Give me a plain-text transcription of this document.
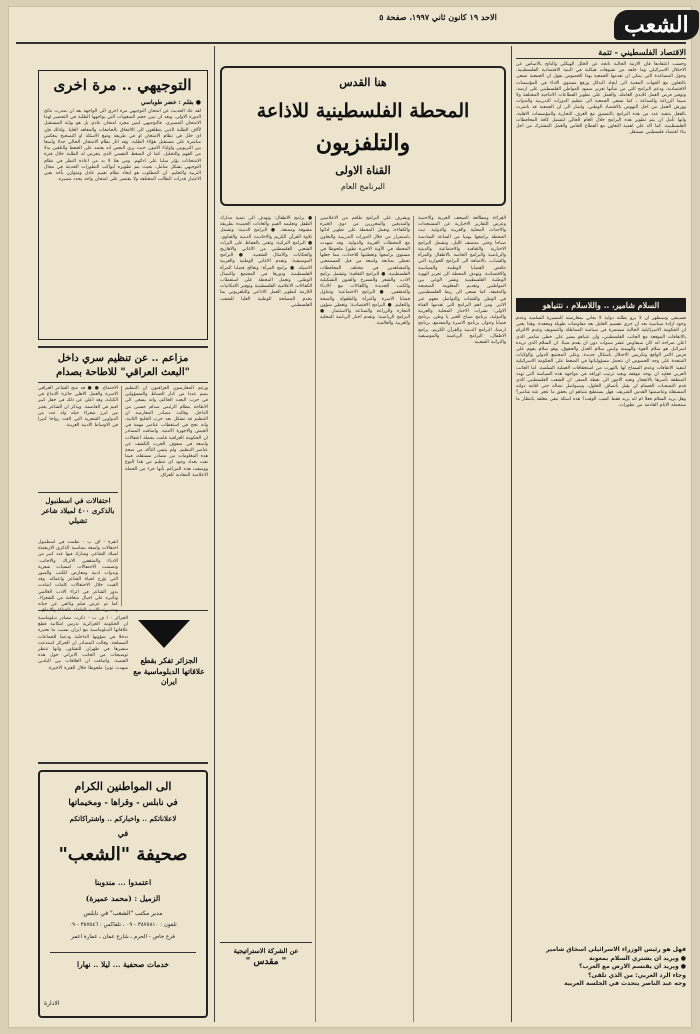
الاحد ١٩ كانون ثاني ١٩٩٧، صفحة ٥	الشعب
الاقتصاد الفلسطيني - تتمة
وحسب اعتقادها فان الازمة الحالية ناتجة عن الخلل الهيكلي والناتج بالاساس عن الاحتلال الاسرائيلي وما خلفه من تشوهات هيكلية في البنية الاقتصادية الفلسطينية. وحول المساعدة التي يمكن ان تقدمها الجمعية بهذا الخصوص يقول ان الجمعية تسعى بالتعاون مع الجهات المعنية الى ايجاد البدائل ورفع مستوى الاداء في المؤسسات الاقتصادية، ودعم البرامج التي من شأنها تعزيز صمود المواطن الفلسطيني على ارضه، وتوفير فرص العمل للايدي العاملة، والعمل على تطوير القطاعات الانتاجية المختلفة ولا سيما الزراعة والصناعة ، كما تسعى الجمعية الى تنظيم الدورات التدريبية والندوات وورش العمل من اجل النهوض بالاقتصاد الوطني. واشار الى ان الجمعية قد باشرت بالفعل بتنفيذ عدد من هذه البرامج بالتنسيق مع الغرف التجارية والمؤسسات الاهلية، وانها تأمل ان يتم تطوير هذه البرامج خلال العام الحالي لتشمل كافة المحافظات الفلسطينية. كما اكد على اهمية التعاون مع القطاع الخاص والعمل المشترك من اجل بناء اقتصاد فلسطيني مستقل.
السلام شامير، .. واللاسلام ، نتنياهو
فسيبقى وسيظهر ان لا يرو بظلته دولية لا يعاني بمعارضته للمسيرة السلمية وعدم وجود ارادة سياسية بعد ان جرى تقسيم الخليل بعد مفاوضات طويلة ومعقدة. وهذا يعني ان الحكومة الاسرائيلية الحالية مستمرة في سياسة المماطلة والتسويف وعدم الالتزام بالاتفاقات الموقعة مع الجانب الفلسطيني، وان نتنياهو يسير على خطى شامير الذي اعلن صراحة انه كان سيفاوض عشر سنوات دون ان يقدم شيئا. ان السلام الذي تريده اسرائيل هو سلام القوة والهيمنة وليس سلام العدل والحقوق، وهو سلام يقوم على فرض الامر الواقع وتكريس الاحتلال بأشكال جديدة. وعلى المجتمع الدولي والولايات المتحدة على وجه الخصوص ان تتحمل مسؤولياتها في الضغط على الحكومة الاسرائيلية لتنفيذ الاتفاقات وعدم السماح لها بالتهرب من استحقاقات العملية السلمية. اما الجانب العربي فعليه ان يوحد موقفه ويعيد ترتيب اوراقه في مواجهة هذه السياسة التي تهدد المنطقة بأسرها بالانفجار وتعيد الامور الى نقطة الصفر. ان الشعب الفلسطيني الذي قدم التضحيات الجسام لن يقبل بأنصاف الحلول، وسيواصل نضاله حتى اقامة دولته المستقلة وعاصمتها القدس الشريف. فهل يستطيع نتنياهو ان يحقق ما عجز عنه شامير؟ وهل يريد السلام فعلا ام انه يريد فقط كسب الوقت؟ هذه اسئلة تبقى معلقة بانتظار ما ستحمله الايام القادمة من تطورات.
فهل هو رئيس الوزراء الاسرائيلي اسحاق شامير
● ويريد ان يشتري السلام بمعونة
● ويريد ان يقتسم الارض مع العرب؟
وجاء الرد العربي: من الذي تلقى؟
وجه عبد الناصر يتحدث في الجلسة العربية
هنا القدس
المحطة الفلسطينية للاذاعة
والتلفزيون
القناة الاولى
البرنامج العام
القراءة ومطالعة الصحف العربية والاجنبية وعرض التقارير الاخبارية عن المستجدات والاحداث المحلية والعربية والدولية. تبث المحطة برامجها يوميا من الساعة السادسة صباحا وحتى منتصف الليل، وتشمل البرامج الاخبارية والثقافية والاجتماعية والدينية والرياضية والبرامج الخاصة بالاطفال والمرأة والشباب، بالاضافة الى البرامج الحوارية التي تناقش القضايا الوطنية والسياسية والاقتصادية. وتهدف المحطة الى تعزيز الهوية الوطنية الفلسطينية ونشر الوعي بين المواطنين وتقديم المعلومة الصحيحة والدقيقة، كما تسعى الى ربط الفلسطينيين في الوطن والشتات والتواصل معهم عبر الاثير. ومن اهم البرامج التي تقدمها القناة الاولى: نشرات الاخبار المحلية والعربية والدولية، برنامج صباح الخير يا وطن، برنامج قضايا وحوار، برنامج الاسرة والمجتمع، برنامج ارضنا، البرامج الدينية والقرآن الكريم، برامج الاطفال، البرامج الرياضية والموسيقية والتراثية الشعبية.
ويشرف على البرامج طاقم من الاعلاميين والمذيعين والمحررين من ذوي الخبرة والكفاءة، وتعمل المحطة على تطوير ادائها باستمرار من خلال الدورات التدريبية والتعاون مع المحطات العربية والدولية. وقد شهدت المحطة في الآونة الاخيرة تطورا ملحوظا في مستوى برامجها وتغطيتها للاحداث، مما جعلها تحظى بمتابعة واسعة من قبل المستمعين والمشاهدين في مختلف المحافظات الفلسطينية. ● البرامج الثقافية: وتشمل برامج الادب والشعر والمسرح والفنون التشكيلية والكتب الجديدة واللقاءات مع الادباء والمثقفين. ● البرامج الاجتماعية: وتتناول قضايا الاسرة والمرأة والطفولة والصحة والتعليم. ● البرامج الاقتصادية: وتغطي شؤون التجارة والزراعة والصناعة والاستثمار. ● البرامج الرياضية: وتقدم اخبار الرياضة المحلية والعربية والعالمية.
● برامج الاطفال: وتهدف الى تنمية مدارك الطفل وتعليمه القيم والعادات الحميدة بطريقة مشوقة وممتعة. ● البرامج الدينية: وتشمل تلاوة القرآن الكريم والاحاديث الدينية والفتاوى. ● البرامج التراثية: وتعنى بالحفاظ على التراث الشعبي الفلسطيني من الاغاني والاهازيج والحكايات والامثال الشعبية. ● البرامج الموسيقية: وتقدم الاغاني الوطنية والعربية الاصيلة. ● برامج المرأة: وتعالج قضايا المرأة الفلسطينية ودورها في المجتمع والنضال الوطني. وتعمل المحطة على استقطاب الكفاءات الاعلامية الفلسطينية وتوفير الامكانيات اللازمة لتطوير العمل الاذاعي والتلفزيوني بما يخدم المصلحة الوطنية العليا للشعب الفلسطيني.
عن الشركة الاستراتيجية
" مقدس "
التوجيهي .. مرة اخرى
● بقلم : خضر طوباسي
لقد عاد الحديث عن امتحان التوجيهي مرة اخرى الى الواجهة بعد ان صدرت نتائج الدورة الاولى، وبعد ان تبين حجم الصعوبات التي يواجهها الطلبة في التحضير لهذا الامتحان المصيري. فالتوجيهي ليس مجرد امتحان عادي بل هو بوابة المستقبل لآلاف الطلبة الذين يتطلعون الى الالتحاق بالجامعات والمعاهد العليا. ولذلك فإن اي خلل في نظام الامتحان او في طريقة وضع الاسئلة او التصحيح ينعكس مباشرة على مستقبل هؤلاء الطلبة. وقد اثار نظام الامتحان الحالي جدلا واسعا بين التربويين واولياء الامور، حيث يرى البعض انه يعتمد على الحفظ والتلقين بدلا من الفهم والتحليل. كما ان الضغط النفسي الذي يتعرض له الطلبة خلال فترة الامتحانات يؤثر سلبا على ادائهم. ومن هنا لا بد من اعادة النظر في نظام التوجيهي بشكل شامل، بحيث يتم تطويره ليواكب التطورات الحديثة في مجال التربية والتعليم. ان المطلوب هو ايجاد نظام تقييم عادل ومتوازن يأخذ بعين الاعتبار قدرات الطالب المختلفة ولا يقتصر على امتحان واحد يحدد مصيره.
مزاعم .. عن تنظيم سري داخل
"البعث العراقي" للاطاحة بصدام
وزعم المعارضون العراقيون ان التنظيم يضم عددا من كبار الضباط والمسؤولين في حزب البعث الحاكم، وانه يسعى الى الاطاحة بنظام الرئيس صدام حسين من الداخل. وقالت مصادر المعارضة ان التنظيم قد تشكل بعد حرب الخليج الثانية، وانه نجح في استقطاب عناصر مهمة في الجيش والاجهزة الامنية. واضافت المصادر ان الحكومة العراقية قامت بحملة اعتقالات واسعة في صفوف الحزب للكشف عن عناصر التنظيم. ولم يتسن التأكد من صحة هذه المعلومات من مصادر مستقلة، فيما نفت بغداد وجود اي تنظيم من هذا النوع ووصفت هذه المزاعم بأنها جزء من الحملة الاعلامية المعادية للعراق.
الاجتماع. ● ● قد منح الشاعر العراقي الاسرة والعمل الاهلي جائزة الابداع في الكتابة، وقد اعلن عن ذلك في حفل كبير اقيم في العاصمة. ويذكر ان الشاعر يعتبر من ابرز شعراء جيله وله عدد من الدواوين الشعرية التي لاقت رواجا كبيرا في الاوساط الادبية العربية.
احتفالات في اسطنبول بالذكرى ٤٠٠ لميلاد شاعر تشيلي
انقرة - اف ب - نظمت في اسطنبول احتفالات واسعة بمناسبة الذكرى الاربعمئة لميلاد الشاعر، وشارك فيها عدد كبير من الادباء والمثقفين الاتراك والاجانب. وتضمنت الاحتفالات امسيات شعرية وندوات ادبية ومعارض للكتب والصور التي تؤرخ لحياة الشاعر واعماله. وقد القيت خلال الاحتفالات كلمات اشادت بدور الشاعر في اثراء الادب العالمي وتأثيره على اجيال متعاقبة من الشعراء. كما تم عرض فيلم وثائقي عن حياته
الجزائر - ا ف ب - ذكرت مصادر دبلوماسية ان الحكومة الجزائرية تدرس امكانية قطع علاقاتها الدبلوماسية مع ايران بسبب ما تعتبره تدخلا في شؤونها الداخلية ودعما للجماعات المسلحة. وقالت المصادر ان الجزائر استدعت سفيرها في طهران للتشاور، وانها تنتظر توضيحات من الجانب الايراني حول هذه القضية. واضافت ان العلاقات بين البلدين شهدت توترا ملحوظا خلال الفترة الاخيرة.
الجزائر تفكر بقطع علاقاتها الدبلوماسية مع ايران
الى المواطنين الكرام
في نابلس - وقراها - ومخيماتها
لاعلاناتكم .. واخباركم .. واشتراكاتكم
في
صحيفة "الشعب"
اعتمدوا ... مندوبنا
الزميل : (محمد عميرة)
مدير مكتب "الشعب" في نابلس
تلفون : ٣٨٧٥٨١٠ - ٠٩ ، تلفاكس : ٣٨٧٥٤٦ - ٠٩
فرع خاص - الحرم ـ شارع عمان ـ عمارة اعمر
خدمات صحفية ... ليلا .. نهارا
الادارة
